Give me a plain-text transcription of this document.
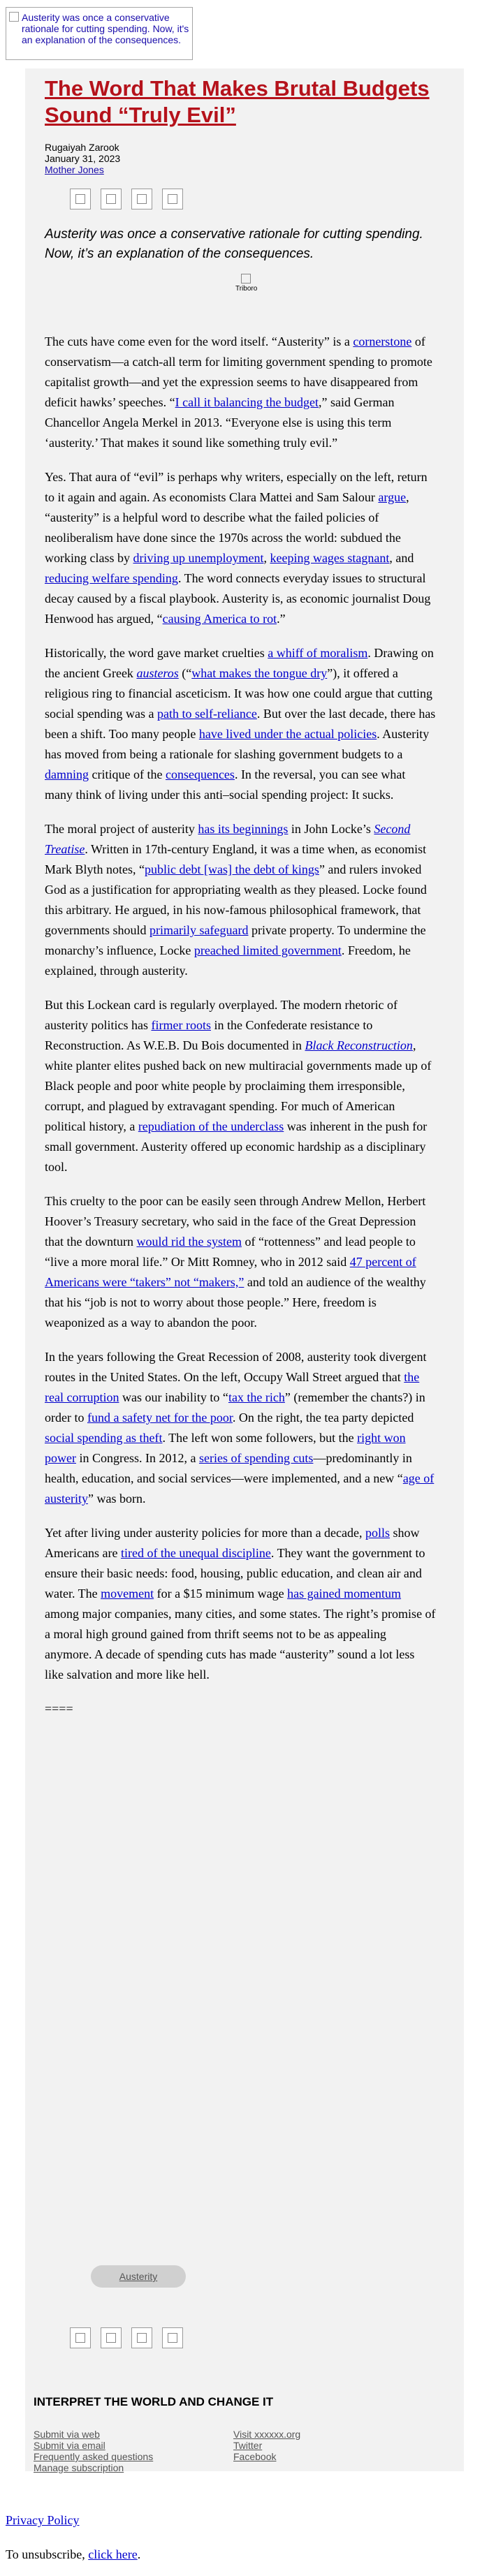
Austerity was once a conservative rationale for cutting spending. Now, it's an explanation of the consequences.
The Word That Makes Brutal Budgets Sound “Truly Evil”
Rugaiyah Zarook
January 31, 2023
Mother Jones
Austerity was once a conservative rationale for cutting spending. Now, it’s an explanation of the consequences.
Triboro

The cuts have come even for the word itself. “Austerity” is a cornerstone of conservatism—a catch-all term for limiting government spending to promote capitalist growth—and yet the expression seems to have disappeared from deficit hawks’ speeches. “I call it balancing the budget,” said German Chancellor Angela Merkel in 2013. “Everyone else is using this term ‘austerity.’ That makes it sound like something truly evil.”

Yes. That aura of “evil” is perhaps why writers, especially on the left, return to it again and again. As economists Clara Mattei and Sam Salour argue, “austerity” is a helpful word to describe what the failed policies of neoliberalism have done since the 1970s across the world: subdued the working class by driving up unemployment, keeping wages stagnant, and reducing welfare spending. The word connects everyday issues to structural decay caused by a fiscal playbook. Austerity is, as economic journalist Doug Henwood has argued, “causing America to rot.”

Historically, the word gave market cruelties a whiff of moralism. Drawing on the ancient Greek austeros (“what makes the tongue dry”), it offered a religious ring to financial asceticism. It was how one could argue that cutting social spending was a path to self-reliance. But over the last decade, there has been a shift. Too many people have lived under the actual policies. Austerity has moved from being a rationale for slashing government budgets to a damning critique of the consequences. In the reversal, you can see what many think of living under this anti–social spending project: It sucks.

The moral project of austerity has its beginnings in John Locke’s Second Treatise. Written in 17th-century England, it was a time when, as economist Mark Blyth notes, “public debt [was] the debt of kings” and rulers invoked God as a justification for appropriating wealth as they pleased. Locke found this arbitrary. He argued, in his now-famous philosophical framework, that governments should primarily safeguard private property. To undermine the monarchy’s influence, Locke preached limited government. Freedom, he explained, through austerity.

But this Lockean card is regularly overplayed. The modern rhetoric of austerity politics has firmer roots in the Confederate resistance to Reconstruction. As W.E.B. Du Bois documented in Black Reconstruction, white planter elites pushed back on new multiracial governments made up of Black people and poor white people by proclaiming them irresponsible, corrupt, and plagued by extravagant spending. For much of American political history, a repudiation of the underclass was inherent in the push for small government. Austerity offered up economic hardship as a disciplinary tool.

This cruelty to the poor can be easily seen through Andrew Mellon, Herbert Hoover’s Treasury secretary, who said in the face of the Great Depression that the downturn would rid the system of “rottenness” and lead people to “live a more moral life.” Or Mitt Romney, who in 2012 said 47 percent of Americans were “takers” not “makers,” and told an audience of the wealthy that his “job is not to worry about those people.” Here, freedom is weaponized as a way to abandon the poor.

In the years following the Great Recession of 2008, austerity took divergent routes in the United States. On the left, Occupy Wall Street argued that the real corruption was our inability to “tax the rich” (remember the chants?) in order to fund a safety net for the poor. On the right, the tea party depicted social spending as theft. The left won some followers, but the right won power in Congress. In 2012, a series of spending cuts—predominantly in health, education, and social services—were implemented, and a new “age of austerity” was born.

Yet after living under austerity policies for more than a decade, polls show Americans are tired of the unequal discipline. They want the government to ensure their basic needs: food, housing, public education, and clean air and water. The movement for a $15 minimum wage has gained momentum among major companies, many cities, and some states. The right’s promise of a moral high ground gained from thrift seems not to be as appealing anymore. A decade of spending cuts has made “austerity” sound a lot less like salvation and more like hell.

====

Austerity
INTERPRET THE WORLD AND CHANGE IT
Submit via web
Submit via email
Frequently asked questions
Manage subscription
Visit xxxxxx.org
Twitter
Facebook
Privacy Policy
To unsubscribe, click here.
